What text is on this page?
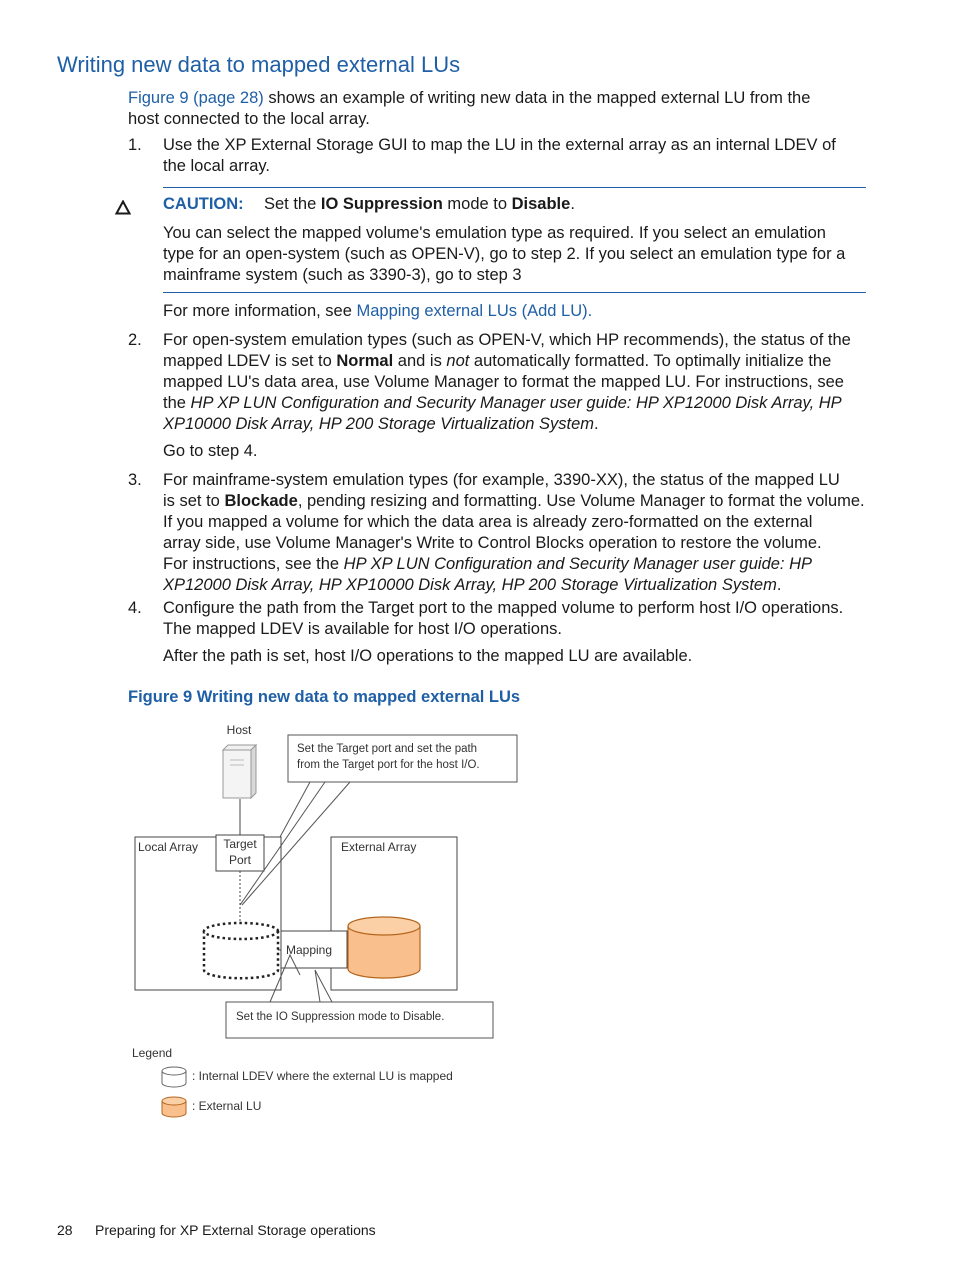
Writing new data to mapped external LUs

Figure 9 (page 28) shows an example of writing new data in the mapped external LU from the
host connected to the local array.

1. Use the XP External Storage GUI to map the LU in the external array as an internal LDEV of
the local array.

CAUTION: Set the IO Suppression mode to Disable.

You can select the mapped volume's emulation type as required. If you select an emulation
type for an open-system (such as OPEN-V), go to step 2. If you select an emulation type for a
mainframe system (such as 3390-3), go to step 3

For more information, see Mapping external LUs (Add LU).

2. For open-system emulation types (such as OPEN-V, which HP recommends), the status of the
mapped LDEV is set to Normal and is not automatically formatted. To optimally initialize the
mapped LU's data area, use Volume Manager to format the mapped LU. For instructions, see
the HP XP LUN Configuration and Security Manager user guide: HP XP12000 Disk Array, HP
XP10000 Disk Array, HP 200 Storage Virtualization System.

Go to step 4.

3. For mainframe-system emulation types (for example, 3390-XX), the status of the mapped LU
is set to Blockade, pending resizing and formatting. Use Volume Manager to format the volume.
If you mapped a volume for which the data area is already zero-formatted on the external
array side, use Volume Manager's Write to Control Blocks operation to restore the volume.
For instructions, see the HP XP LUN Configuration and Security Manager user guide: HP
XP12000 Disk Array, HP XP10000 Disk Array, HP 200 Storage Virtualization System.

4. Configure the path from the Target port to the mapped volume to perform host I/O operations.
The mapped LDEV is available for host I/O operations.

After the path is set, host I/O operations to the mapped LU are available.

Figure 9 Writing new data to mapped external LUs
Host
Set the Target port and set the path
from the Target port for the host I/O.
Local Array Target
Port
External Array
Mapping
Set the IO Suppression mode to Disable.
Legend
: Internal LDEV where the external LU is mapped
: External LU
28 Preparing for XP External Storage operations
